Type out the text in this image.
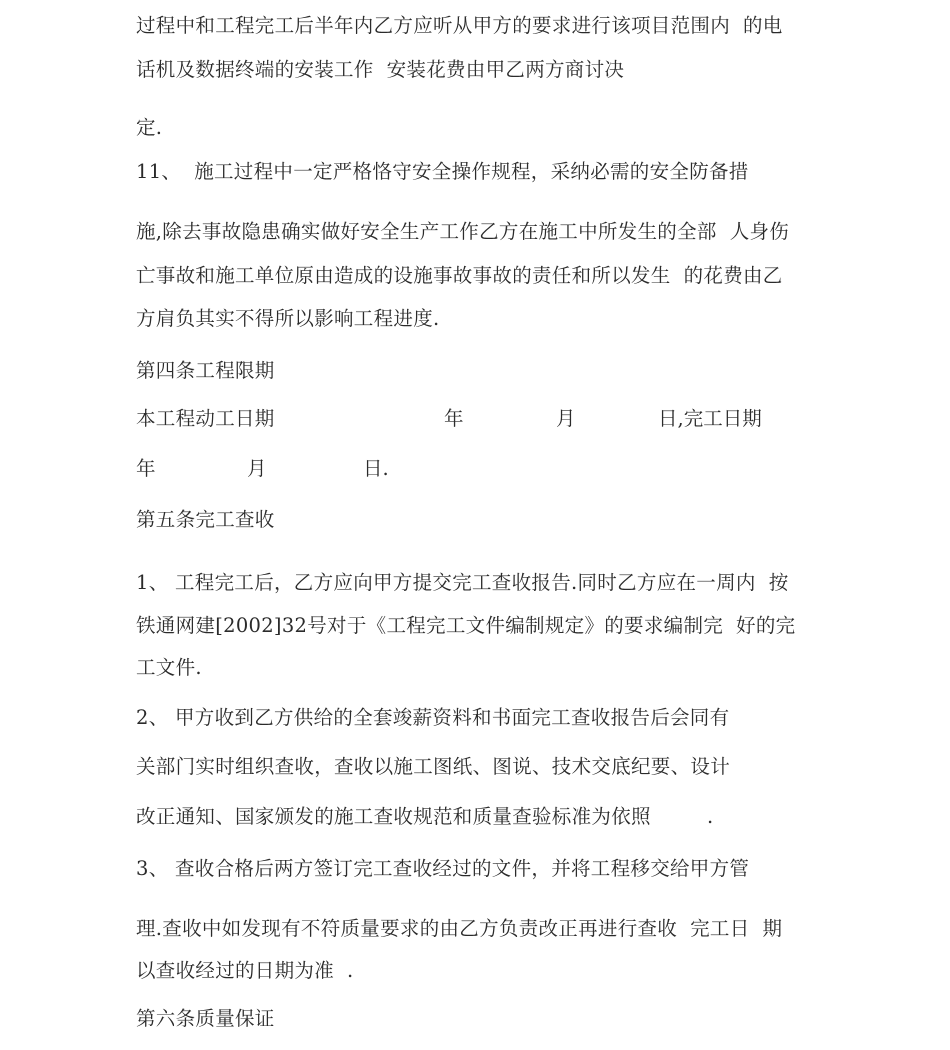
过程中和工程完工后半年内乙方应听从甲方的要求进行该项目范围内  的电
话机及数据终端的安装工作  安装花费由甲乙两方商讨决
定.
11、  施工过程中一定严格恪守安全操作规程，采纳必需的安全防备措
施,除去事故隐患确实做好安全生产工作乙方在施工中所发生的全部  人身伤
亡事故和施工单位原由造成的设施事故事故的责任和所以发生  的花费由乙
方肩负其实不得所以影响工程进度.
第四条工程限期
本工程动工日期	年	月	日,完工日期
年	月	日.
第五条完工查收
1、 工程完工后，乙方应向甲方提交完工查收报告.同时乙方应在一周内  按
铁通网建[2002]32号对于《工程完工文件编制规定》的要求编制完  好的完
工文件.
2、 甲方收到乙方供给的全套竣薪资料和书面完工查收报告后会同有
关部门实时组织查收，查收以施工图纸、图说、技术交底纪要、设计
改正通知、国家颁发的施工查收规范和质量查验标准为依照	.
3、 查收合格后两方签订完工查收经过的文件，并将工程移交给甲方管
理.查收中如发现有不符质量要求的由乙方负责改正再进行查收  完工日  期
以查收经过的日期为准  .
第六条质量保证
